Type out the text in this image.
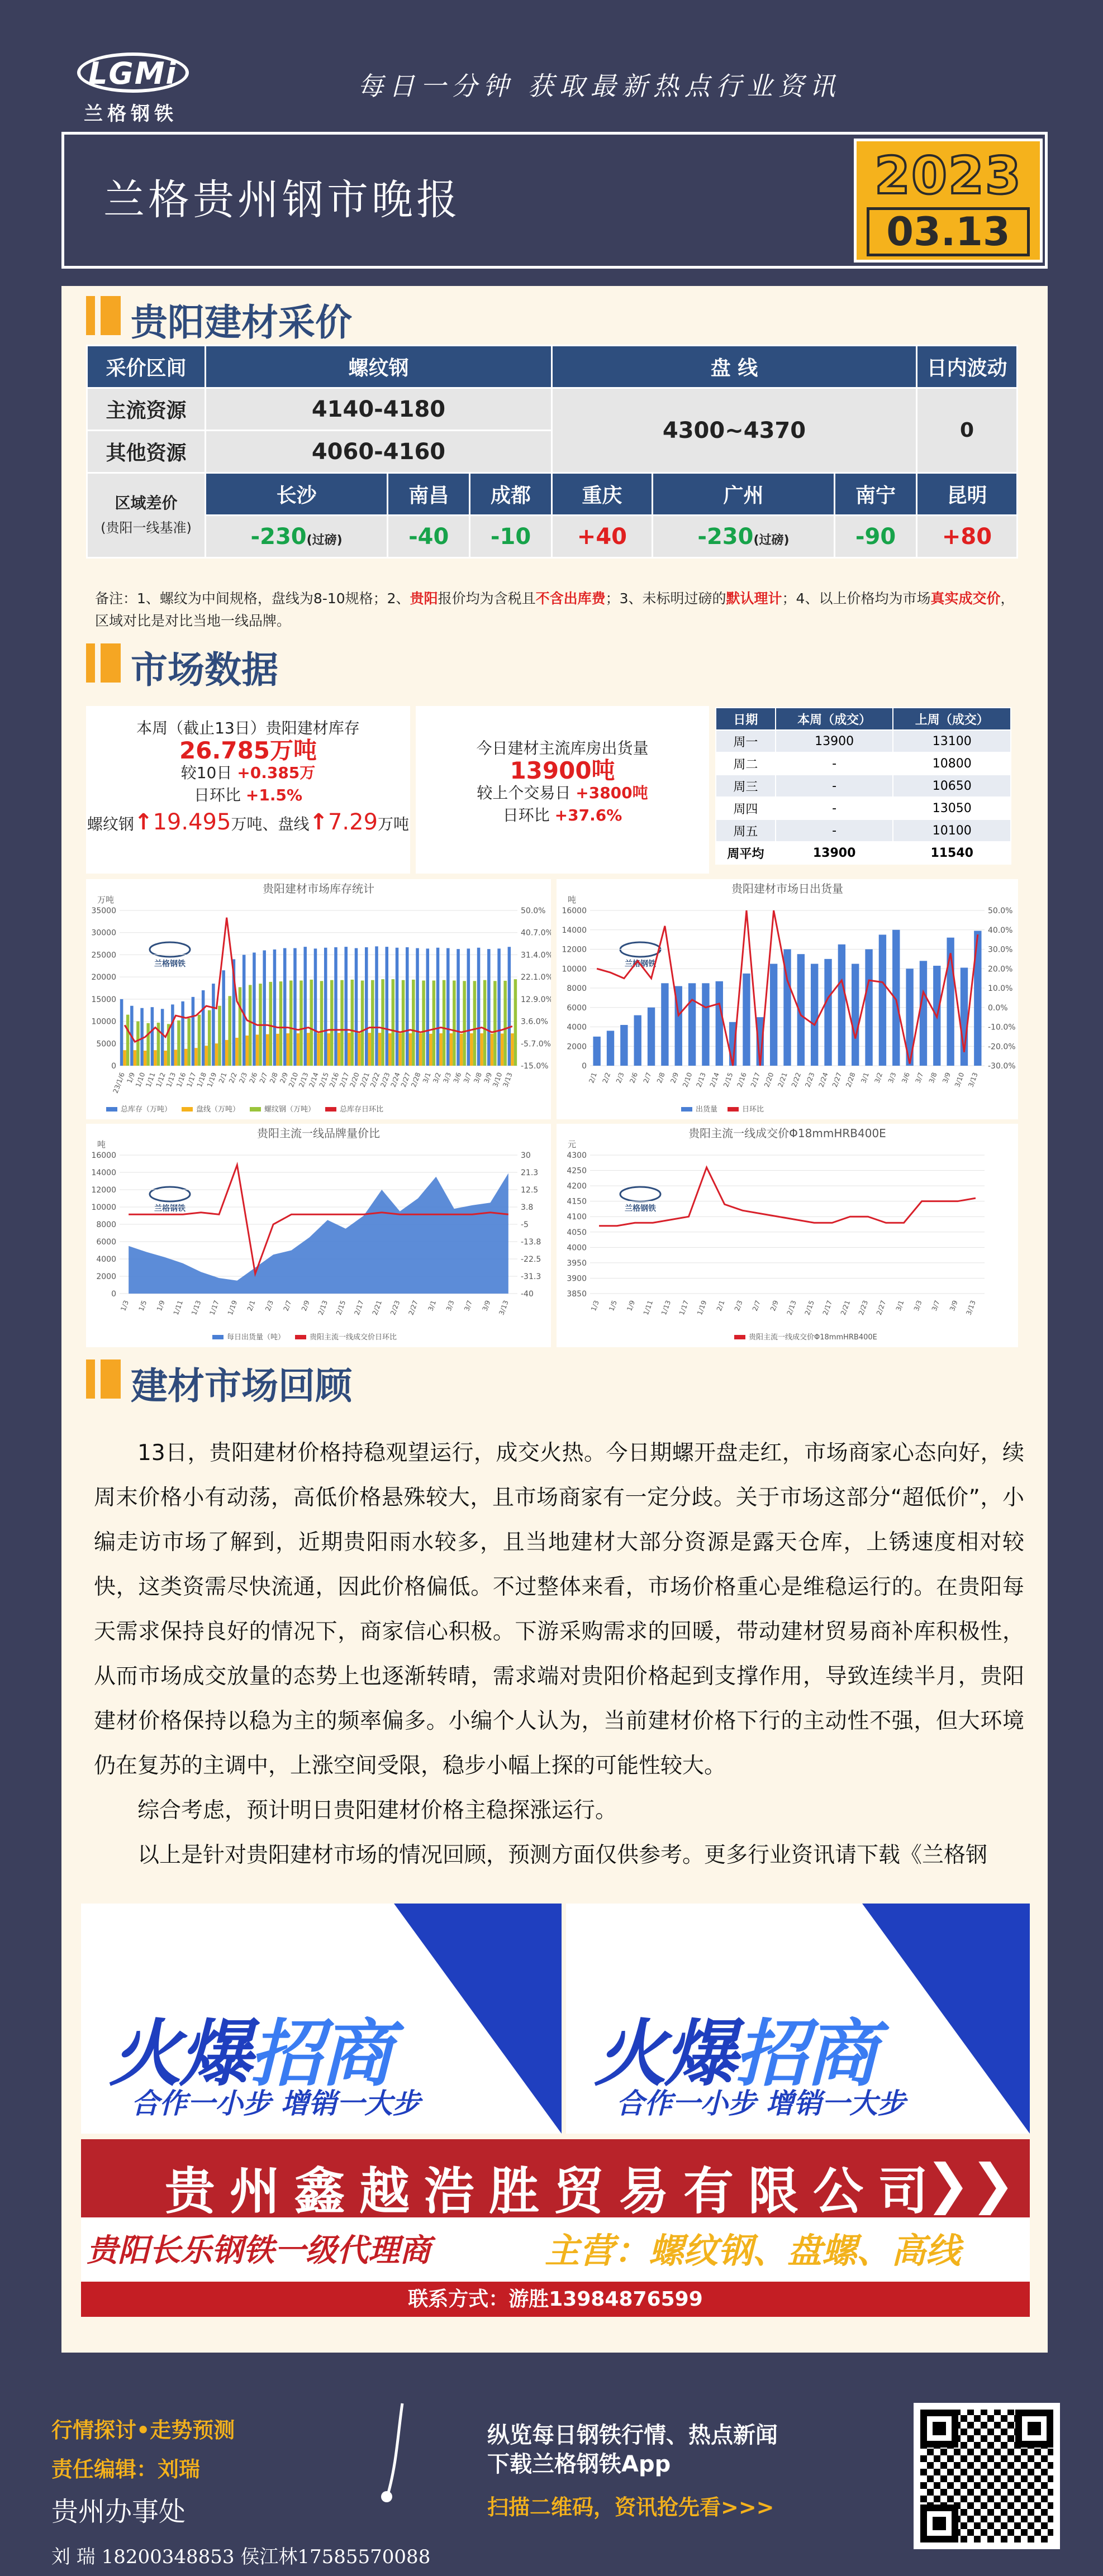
LGMi
兰格钢铁
每日一分钟 获取最新热点行业资讯
兰格贵州钢市晚报	2023
03.13
贵阳建材采价
采价区间	螺纹钢			盘 线			日内波动
主流资源	4140-4180			4300~4370			0
其他资源	4060-4160						

区域差价
(贵阳一线基准)	长沙	南昌	成都	重庆	广州	南宁	昆明
	-230(过磅)	-40	-10	+40	-230(过磅)	-90	+80
备注：1、螺纹为中间规格，盘线为8-10规格；2、贵阳报价均为含税且不含出库费；3、未标明过磅的默认理计；4、以上价格均为市场真实成交价，区域对比是对比当地一线品牌。
市场数据
本周（截止13日）贵阳建材库存
26.785万吨
较10日 +0.385万
日环比 +1.5%
螺纹钢↑19.495万吨、盘线↑7.29万吨
今日建材主流库房出货量
13900吨
较上个交易日 +3800吨
日环比 +37.6%
日期	本周（成交）	上周（成交）
周一	13900	13100
周二	-	10800
周三	-	10650
周四	-	13050
周五	-	10100
周平均	13900	11540
贵阳建材市场库存统计
万吨
兰格钢铁
0
5000
10000
15000
20000
25000
30000
35000
-15.0%
-5.7.0%
3.6.0%
12.9.0%
22.1.0%
31.4.0%
40.7.0%
50.0%
23/1/6
1/9
1/10
1/11
1/12
1/13
1/16
1/17
1/18
1/19
2/1
2/2
2/3
2/6
2/7
2/8
2/9
2/10
2/13
2/14
2/15
2/16
2/17
2/20
2/21
2/22
2/23
2/24
2/27
2/28
3/1
3/2
3/3
3/6
3/7
3/8
3/9
3/10
3/13
总库存（万吨）	盘线（万吨）	螺纹钢（万吨）	总库存日环比
贵阳建材市场日出货量
吨
兰格钢铁
0
2000
4000
6000
8000
10000
12000
14000
16000
-30.0%
-20.0%
-10.0%
0.0%
10.0%
20.0%
30.0%
40.0%
50.0%
2/1 2/2 2/3 2/6 2/7 2/8 2/9 2/10 2/13 2/14 2/15 2/16 2/17 2/20 2/21 2/22 2/23 2/24 2/27 2/28 3/1 3/2 3/3 3/6 3/7 3/8 3/9 3/10 3/13
出货量	日环比
贵阳主流一线品牌量价比
吨
兰格钢铁
0
2000
4000
6000
8000
10000
12000
14000
16000
-40
-31.3
-22.5
-13.8
-5
3.8
12.5
21.3
30
1/3 1/5 1/9 1/11 1/13 1/17 1/19 2/1 2/3 2/7 2/9 2/13 2/15 2/17 2/21 2/23 2/27 3/1 3/3 3/7 3/9 3/13
每日出货量（吨）	贵阳主流一线成交价日环比
贵阳主流一线成交价Φ18mmHRB400E
元
兰格钢铁
3850
3900
3950
4000
4050
4100
4150
4200
4250
4300
1/3 1/5 1/9 1/11 1/13 1/17 1/19 2/1 2/3 2/7 2/9 2/13 2/15 2/17 2/21 2/23 2/27 3/1 3/3 3/7 3/9 3/13
贵阳主流一线成交价Φ18mmHRB400E
建材市场回顾

13日，贵阳建材价格持稳观望运行，成交火热。今日期螺开盘走红，市场商家心态向好，续周末价格小有动荡，高低价格悬殊较大，且市场商家有一定分歧。关于市场这部分“超低价”，小编走访市场了解到，近期贵阳雨水较多，且当地建材大部分资源是露天仓库，上锈速度相对较快，这类资需尽快流通，因此价格偏低。不过整体来看，市场价格重心是维稳运行的。在贵阳每天需求保持良好的情况下，商家信心积极。下游采购需求的回暖，带动建材贸易商补库积极性，从而市场成交放量的态势上也逐渐转晴，需求端对贵阳价格起到支撑作用，导致连续半月，贵阳建材价格保持以稳为主的频率偏多。小编个人认为，当前建材价格下行的主动性不强，但大环境仍在复苏的主调中，上涨空间受限，稳步小幅上探的可能性较大。

综合考虑，预计明日贵阳建材价格主稳探涨运行。

以上是针对贵阳建材市场的情况回顾，预测方面仅供参考。更多行业资讯请下载《兰格钢

火爆招商
合作一小步 增销一大步
火爆招商
合作一小步 增销一大步
贵州鑫越浩胜贸易有限公司
❯❯
贵阳长乐钢铁一级代理商	主营：螺纹钢、盘螺、高线
联系方式：游胜13984876599
行情探讨•走势预测
责任编辑：刘瑞
贵州办事处
刘 瑞 18200348853 侯江林17585570088
纵览每日钢铁行情、热点新闻
下载兰格钢铁App
扫描二维码，资讯抢先看>>>
